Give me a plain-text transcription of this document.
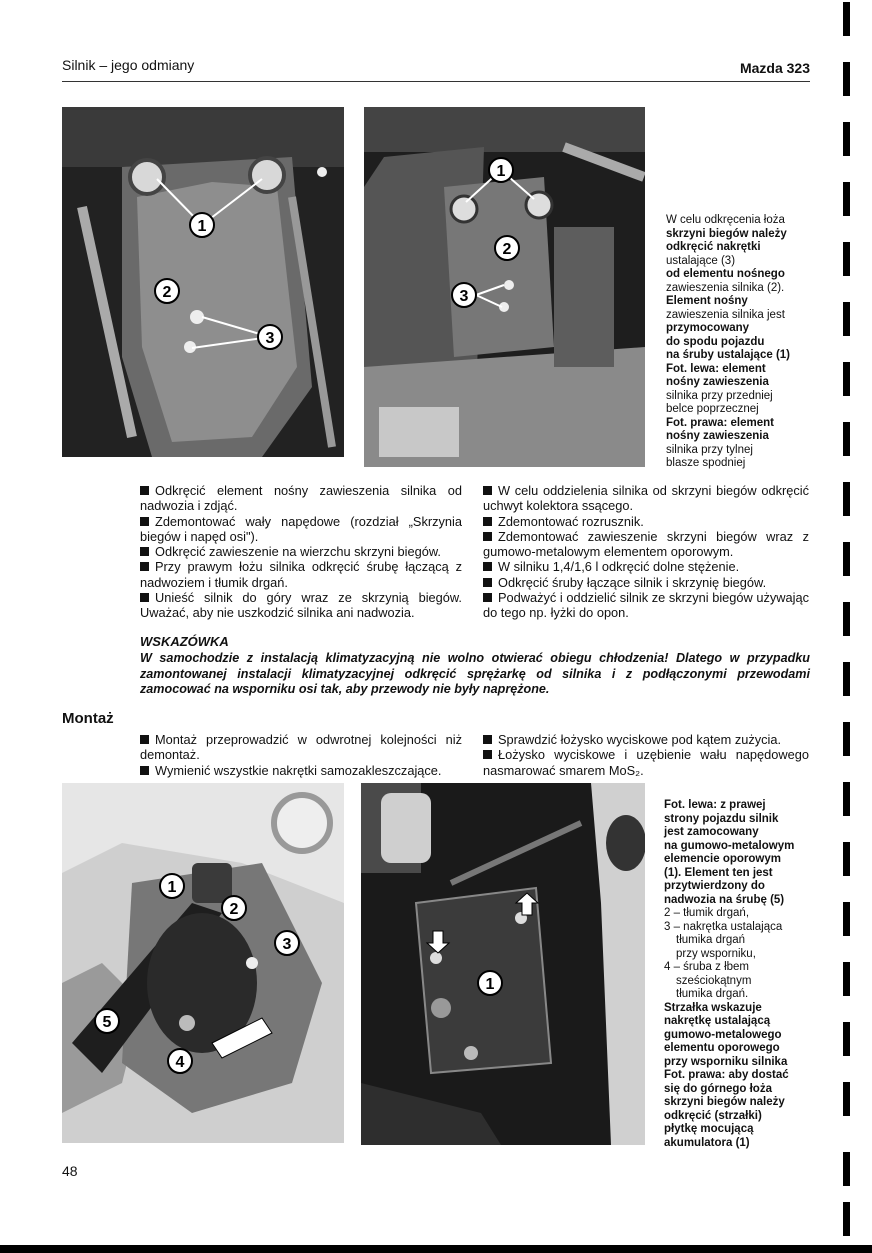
Silnik – jego odmiany	Mazda 323
1
2
3
1
2
3
W celu odkręcenia łoża
skrzyni biegów należy
odkręcić nakrętki
ustalające (3)
od elementu nośnego
zawieszenia silnika (2).
Element nośny
zawieszenia silnika jest
przymocowany
do spodu pojazdu
na śruby ustalające (1)
Fot. lewa: element
nośny zawieszenia
silnika przy przedniej
belce poprzecznej
Fot. prawa: element
nośny zawieszenia
silnika przy tylnej
blasze spodniej

Odkręcić element nośny zawieszenia silnika od nadwozia i zdjąć.

Zdemontować wały napędowe (rozdział „Skrzynia biegów i napęd osi").

Odkręcić zawieszenie na wierzchu skrzyni biegów.

Przy prawym łożu silnika odkręcić śrubę łączącą z nadwoziem i tłumik drgań.

Unieść silnik do góry wraz ze skrzynią biegów. Uważać, aby nie uszkodzić silnika ani nadwozia.

W celu oddzielenia silnika od skrzyni biegów odkręcić uchwyt kolektora ssącego.

Zdemontować rozrusznik.

Zdemontować zawieszenie skrzyni biegów wraz z gumowo-metalowym elementem oporowym.

W silniku 1,4/1,6 l odkręcić dolne stężenie.

Odkręcić śruby łączące silnik i skrzynię biegów.

Podważyć i oddzielić silnik ze skrzyni biegów używając do tego np. łyżki do opon.

WSKAZÓWKA
W samochodzie z instalacją klimatyzacyjną nie wolno otwierać obiegu chłodzenia! Dlatego w przypadku zamontowanej instalacji klimatyzacyjnej odkręcić sprężarkę od silnika i z podłączonymi przewodami zamocować na wsporniku osi tak, aby przewody nie były naprężone.
Montaż

Montaż przeprowadzić w odwrotnej kolejności niż demontaż.

Wymienić wszystkie nakrętki samozakleszczające.

Sprawdzić łożysko wyciskowe pod kątem zużycia.

Łożysko wyciskowe i uzębienie wału napędowego nasmarować smarem MoS₂.

1
2
3
4
5
1
Fot. lewa: z prawej
strony pojazdu silnik
jest zamocowany
na gumowo-metalowym
elemencie oporowym
(1). Element ten jest
przytwierdzony do
nadwozia na śrubę (5)
2 – tłumik drgań,
3 – nakrętka ustalająca
tłumika drgań
przy wsporniku,
4 – śruba z łbem
sześciokątnym
tłumika drgań.
Strzałka wskazuje
nakrętkę ustalającą
gumowo-metalowego
elementu oporowego
przy wsporniku silnika
Fot. prawa: aby dostać
się do górnego łoża
skrzyni biegów należy
odkręcić (strzałki)
płytkę mocującą
akumulatora (1)
48
